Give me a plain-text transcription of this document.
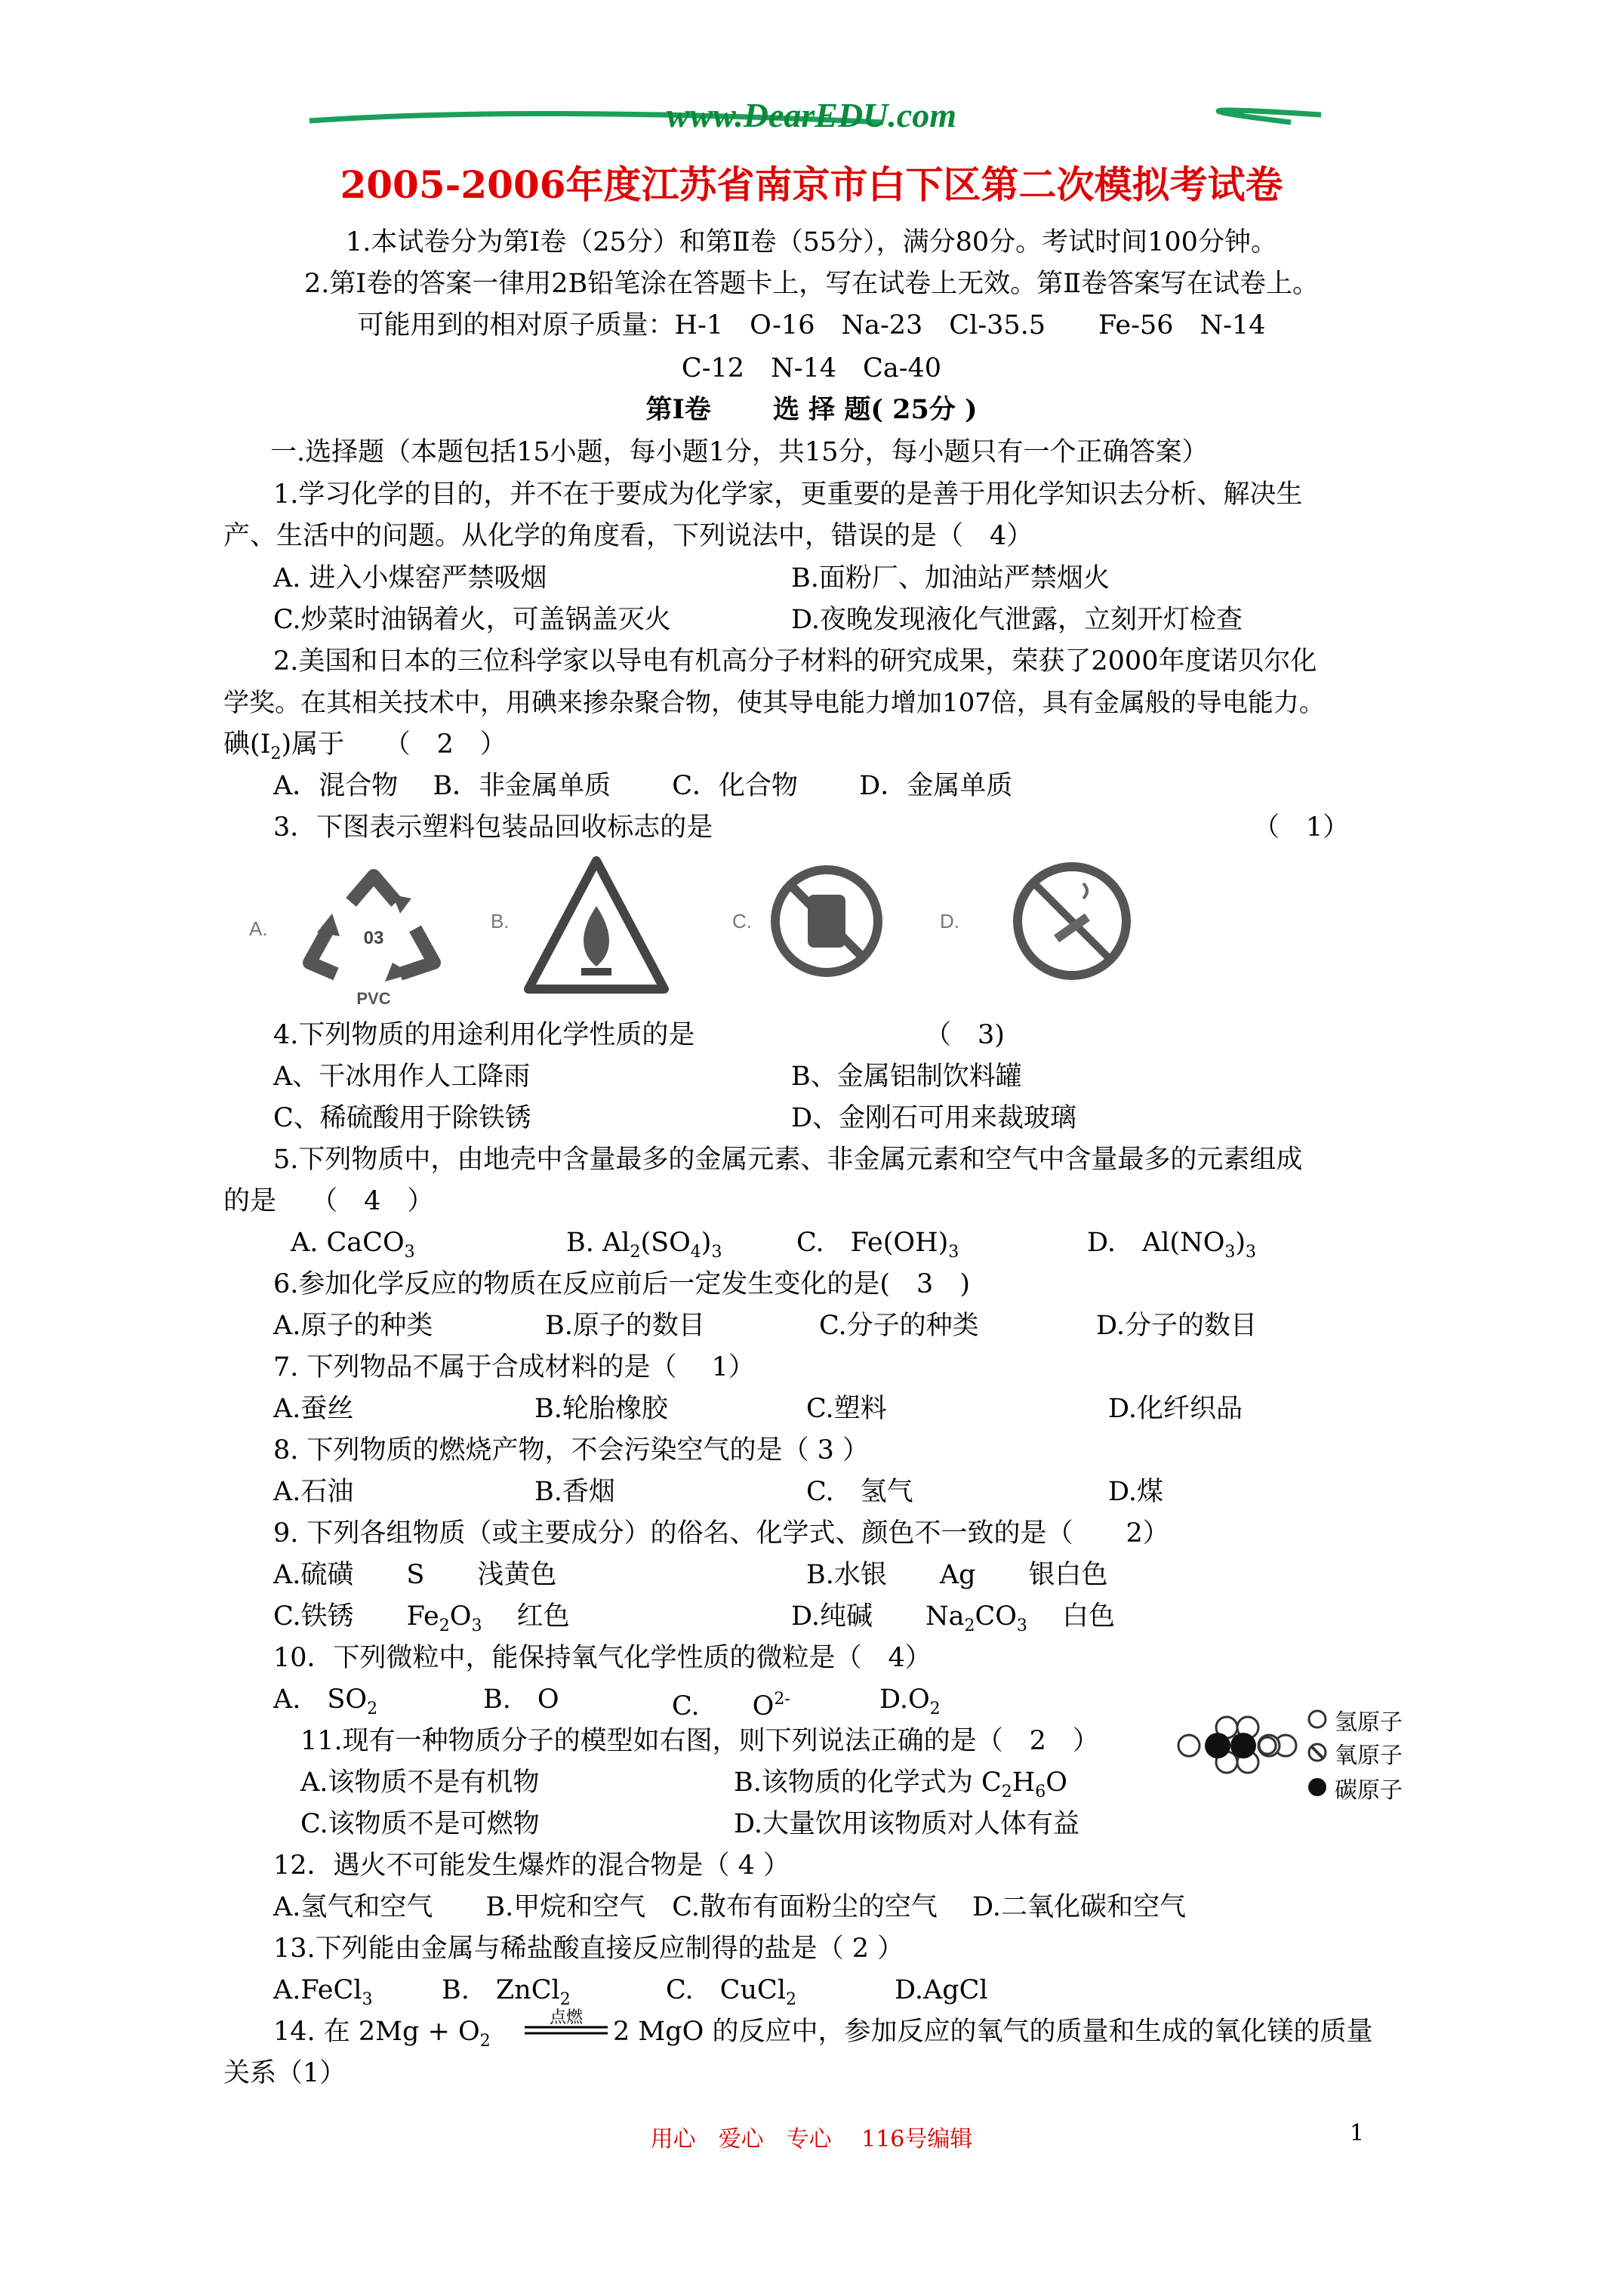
www.DearEDU.com
2005-2006年度江苏省南京市白下区第二次模拟考试卷
1.本试卷分为第Ⅰ卷（25分）和第Ⅱ卷（55分），满分80分。考试时间100分钟。
2.第Ⅰ卷的答案一律用2B铅笔涂在答题卡上，写在试卷上无效。第Ⅱ卷答案写在试卷上。
可能用到的相对原子质量：H-1　O-16　Na-23　Cl-35.5　　Fe-56　N-14
C-12　N-14　Ca-40
第Ⅰ卷　　 选 择 题( 25分 )
一.选择题（本题包括15小题，每小题1分，共15分，每小题只有一个正确答案）
1.学习化学的目的，并不在于要成为化学家，更重要的是善于用化学知识去分析、解决生
产、生活中的问题。从化学的角度看，下列说法中，错误的是（　4）
A. 进入小煤窑严禁吸烟	B.面粉厂、加油站严禁烟火
C.炒菜时油锅着火，可盖锅盖灭火	D.夜晚发现液化气泄露，立刻开灯检查
2.美国和日本的三位科学家以导电有机高分子材料的研究成果，荣获了2000年度诺贝尔化
学奖。在其相关技术中，用碘来掺杂聚合物，使其导电能力增加107倍，具有金属般的导电能力。
碘$(I_2)$属于　　（　2　）
A．混合物　 B．非金属单质　　 C．化合物　　 D．金属单质
3．下图表示塑料包装品回收标志的是	（　1）
A.	03
PVC
B.	C.	D.
4.下列物质的用途利用化学性质的是	（　3)
A、干冰用作人工降雨	B、金属铝制饮料罐
C、稀硫酸用于除铁锈	D、金刚石可用来裁玻璃
5.下列物质中，由地壳中含量最多的金属元素、非金属元素和空气中含量最多的元素组成
的是　 （　4　）
A. CaCO$_3$	B. $Al_2(SO_4)_3$	C.　$Fe(OH)_3$	D.　$Al(NO_3)_3$
6.参加化学反应的物质在反应前后一定发生变化的是(　3　)
A.原子的种类	B.原子的数目	C.分子的种类	D.分子的数目
7. 下列物品不属于合成材料的是（　 1）
A.蚕丝	B.轮胎橡胶	C.塑料	D.化纤织品
8. 下列物质的燃烧产物，不会污染空气的是（ 3 ）
A.石油	B.香烟	C.　氢气	D.煤
9. 下列各组物质（或主要成分）的俗名、化学式、颜色不一致的是（　　2）
A.硫磺　　S　　浅黄色	B.水银　　Ag　　银白色
C.铁锈　　$Fe_2O_3$　 红色	D.纯碱　　$Na_2CO_3$　 白色
10．下列微粒中，能保持氧气化学性质的微粒是（　4）
A.　$SO_2$	B.　O	C.　　$O^{2-}$	$D.O_2$
11.现有一种物质分子的模型如右图，则下列说法正确的是（　2　）
A.该物质不是有机物	B.该物质的化学式为 $C_2H_6O$
C.该物质不是可燃物	D.大量饮用该物质对人体有益
氢原子
氧原子
碳原子
12．遇火不可能发生爆炸的混合物是（ 4 ）
A.氢气和空气　　B.甲烷和空气　C.散布有面粉尘的空气　 D.二氧化碳和空气
13.下列能由金属与稀盐酸直接反应制得的盐是（ 2 ）
A.FeCl$_3$	B.　ZnCl$_2$	C.　CuCl$_2$	D.AgCl
14. 在 $2Mg + O_2$
点燃	2 MgO 的反应中，参加反应的氧气的质量和生成的氧化镁的质量
关系（1）
用心　爱心　专心　 116号编辑	1
